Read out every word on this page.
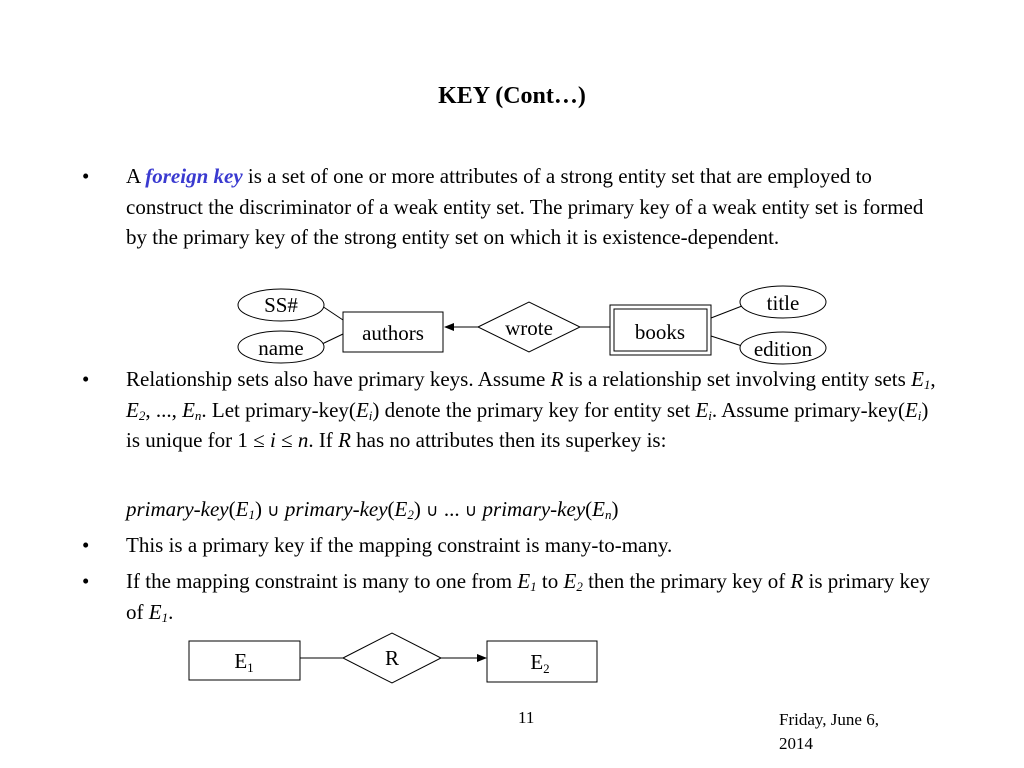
KEY (Cont…)
• A foreign key is a set of one or more attributes of a strong entity set that are employed to construct the discriminator of a weak entity set. The primary key of a weak entity set is formed by the primary key of the strong entity set on which it is existence-dependent.
• Relationship sets also have primary keys. Assume R is a relationship set involving entity sets $E_1$, $E_2$, ..., $E_n$. Let primary-$key(E_i)$ denote the primary key for entity set $E_i$. Assume primary-$key(E_i)$ is unique for 1 ≤ i ≤ n. If R has no attributes then its superkey is:
primary-$key(E_1)$ ∪ primary-$key(E_2)$ ∪ ... ∪ primary-$key(E_n)$
• This is a primary key if the mapping constraint is many-to-many.
• If the mapping constraint is many to one from $E_1$ to $E_2$ then the primary key of R is primary key of $E_1$.
SS#
name
authors	wrote	books
title
edition
E1	R	E2
11	Friday, June 6,
2014
